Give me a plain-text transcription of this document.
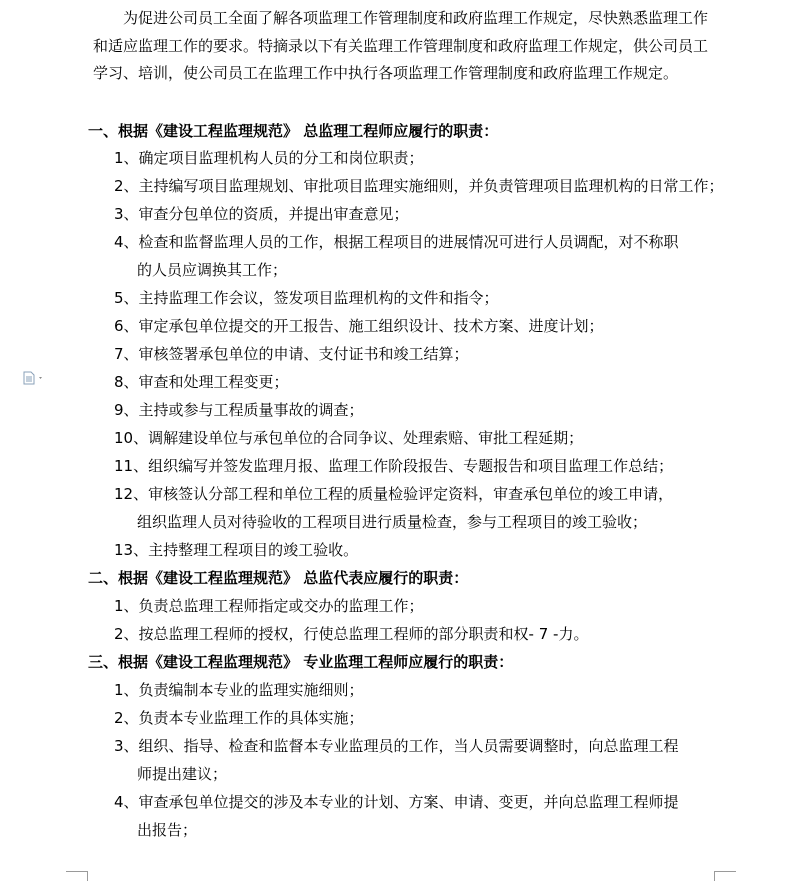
为促进公司员工全面了解各项监理工作管理制度和政府监理工作规定，尽快熟悉监理工作和适应监理工作的要求。特摘录以下有关监理工作管理制度和政府监理工作规定，供公司员工学习、培训，使公司员工在监理工作中执行各项监理工作管理制度和政府监理工作规定。
一、根据《建设工程监理规范》 总监理工程师应履行的职责：
1、确定项目监理机构人员的分工和岗位职责；
2、主持编写项目监理规划、审批项目监理实施细则，并负责管理项目监理机构的日常工作；
3、审查分包单位的资质，并提出审查意见；
4、检查和监督监理人员的工作，根据工程项目的进展情况可进行人员调配，对不称职
的人员应调换其工作；
5、主持监理工作会议，签发项目监理机构的文件和指令；
6、审定承包单位提交的开工报告、施工组织设计、技术方案、进度计划；
7、审核签署承包单位的申请、支付证书和竣工结算；
8、审查和处理工程变更；
9、主持或参与工程质量事故的调查；
10、调解建设单位与承包单位的合同争议、处理索赔、审批工程延期；
11、组织编写并签发监理月报、监理工作阶段报告、专题报告和项目监理工作总结；
12、审核签认分部工程和单位工程的质量检验评定资料，审查承包单位的竣工申请，
组织监理人员对待验收的工程项目进行质量检查，参与工程项目的竣工验收；
13、主持整理工程项目的竣工验收。
二、根据《建设工程监理规范》 总监代表应履行的职责：
1、负责总监理工程师指定或交办的监理工作；
2、按总监理工程师的授权，行使总监理工程师的部分职责和权- 7 -力。
三、根据《建设工程监理规范》 专业监理工程师应履行的职责：
1、负责编制本专业的监理实施细则；
2、负责本专业监理工作的具体实施；
3、组织、指导、检查和监督本专业监理员的工作，当人员需要调整时，向总监理工程
师提出建议；
4、审查承包单位提交的涉及本专业的计划、方案、申请、变更，并向总监理工程师提
出报告；
